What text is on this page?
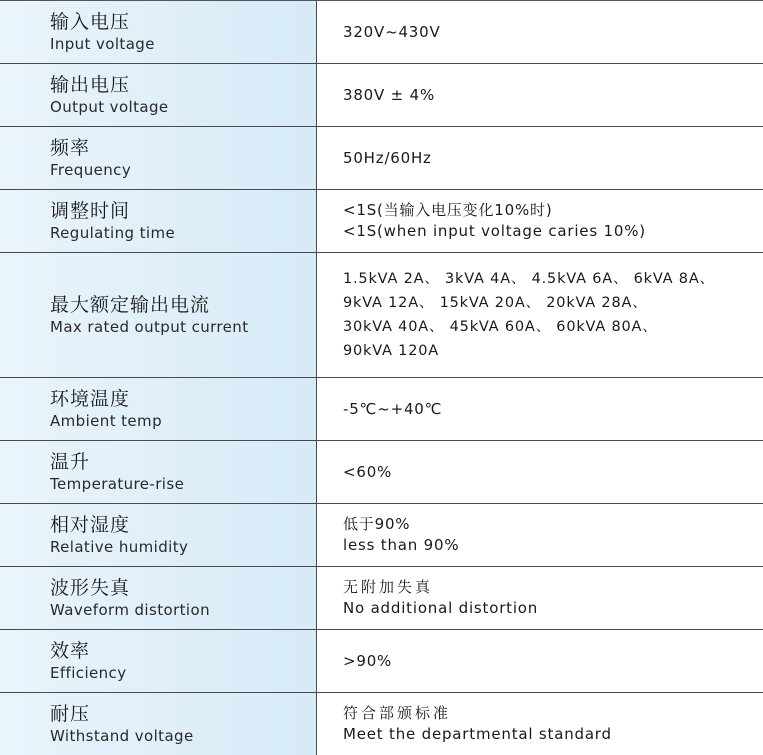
输入电压
Input voltage
320V~430V
输出电压
Output voltage
380V ± 4%
频率
Frequency
50Hz/60Hz
调整时间
Regulating time
<1S(当输入电压变化10%时)
<1S(when input voltage caries 10%)
最大额定输出电流
Max rated output current
1.5kVA 2A、 3kVA 4A、 4.5kVA 6A、 6kVA 8A、
9kVA 12A、 15kVA 20A、 20kVA 28A、
30kVA 40A、 45kVA 60A、 60kVA 80A、
90kVA 120A
环境温度
Ambient temp
-5℃~+40℃
温升
Temperature-rise
<60%
相对湿度
Relative humidity
低于90%
less than 90%
波形失真
Waveform distortion
无附加失真
No additional distortion
效率
Efficiency
>90%
耐压
Withstand voltage
符合部颁标准
Meet the departmental standard
